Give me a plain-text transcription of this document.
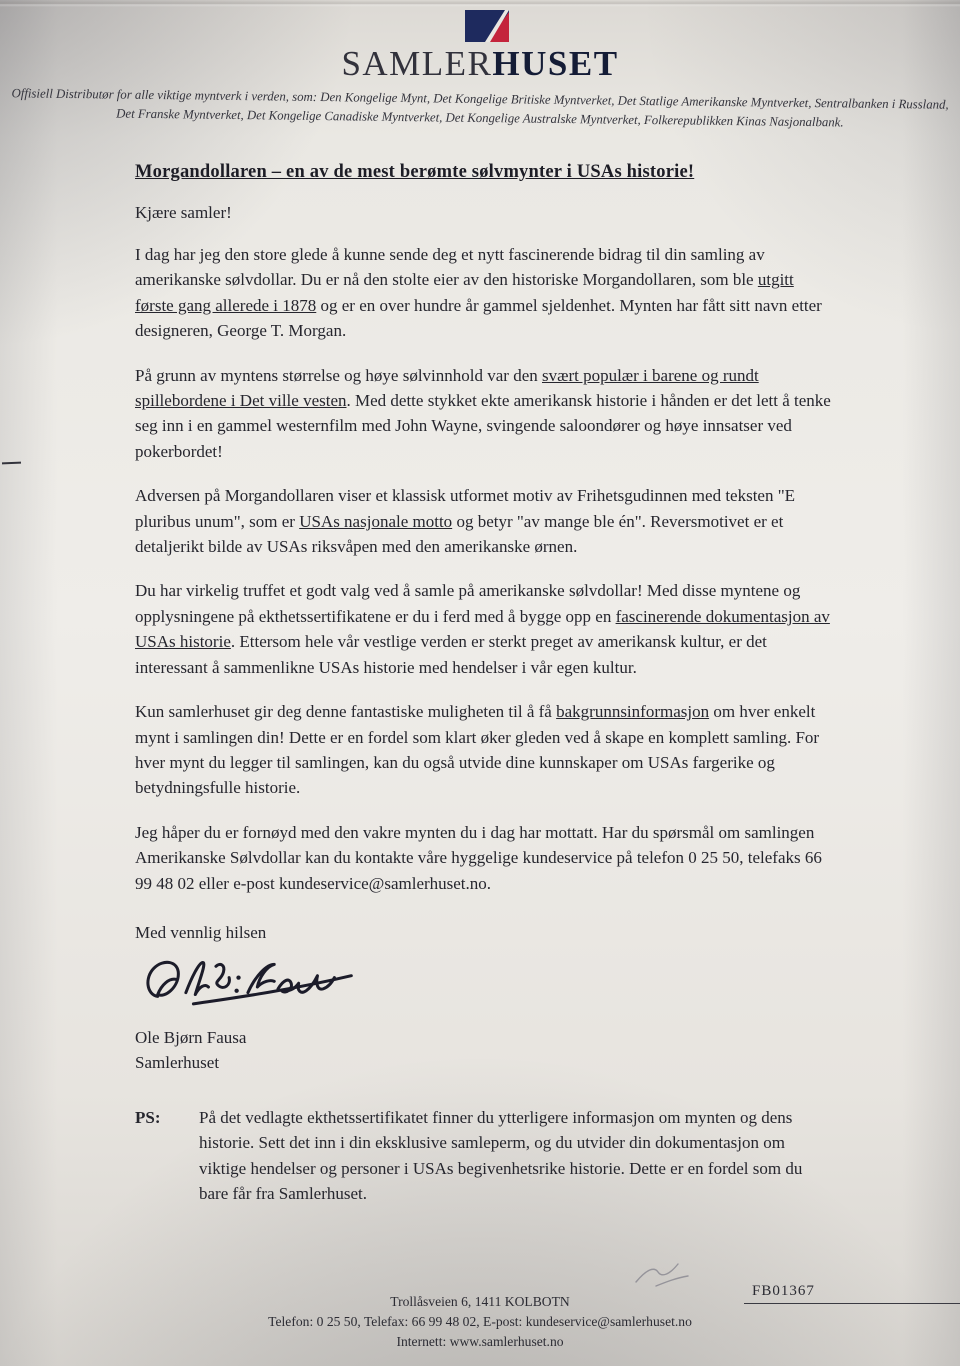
SAMLERHUSET
Offisiell Distributør for alle viktige myntverk i verden, som: Den Kongelige Mynt, Det Kongelige Britiske Myntverket, Det Statlige Amerikanske Myntverket, Sentralbanken i Russland,
Det Franske Myntverket, Det Kongelige Canadiske Myntverket, Det Kongelige Australske Myntverket, Folkerepublikken Kinas Nasjonalbank.
Morgandollaren – en av de mest berømte sølvmynter i USAs historie!

Kjære samler!

I dag har jeg den store glede å kunne sende deg et nytt fascinerende bidrag til din samling av amerikanske sølvdollar. Du er nå den stolte eier av den historiske Morgandollaren, som ble utgitt første gang allerede i 1878 og er en over hundre år gammel sjeldenhet. Mynten har fått sitt navn etter designeren, George T. Morgan.

På grunn av myntens størrelse og høye sølvinnhold var den svært populær i barene og rundt spillebordene i Det ville vesten. Med dette stykket ekte amerikansk historie i hånden er det lett å tenke seg inn i en gammel westernfilm med John Wayne, svingende saloondører og høye innsatser ved pokerbordet!

Adversen på Morgandollaren viser et klassisk utformet motiv av Frihetsgudinnen med teksten "E pluribus unum", som er USAs nasjonale motto og betyr "av mange ble én". Reversmotivet er et detaljerikt bilde av USAs riksvåpen med den amerikanske ørnen.

Du har virkelig truffet et godt valg ved å samle på amerikanske sølvdollar! Med disse myntene og opplysningene på ekthetssertifikatene er du i ferd med å bygge opp en fascinerende dokumentasjon av USAs historie. Ettersom hele vår vestlige verden er sterkt preget av amerikansk kultur, er det interessant å sammenlikne USAs historie med hendelser i vår egen kultur.

Kun samlerhuset gir deg denne fantastiske muligheten til å få bakgrunnsinformasjon om hver enkelt mynt i samlingen din! Dette er en fordel som klart øker gleden ved å skape en komplett samling. For hver mynt du legger til samlingen, kan du også utvide dine kunnskaper om USAs fargerike og betydningsfulle historie.

Jeg håper du er fornøyd med den vakre mynten du i dag har mottatt. Har du spørsmål om samlingen Amerikanske Sølvdollar kan du kontakte våre hyggelige kundeservice på telefon 0 25 50, telefaks 66 99 48 02 eller e-post kundeservice@samlerhuset.no.

Med vennlig hilsen

Ole Bjørn Fausa

Samlerhuset

PS:	På det vedlagte ekthetssertifikatet finner du ytterligere informasjon om mynten og dens historie. Sett det inn i din eksklusive samleperm, og du utvider din dokumentasjon om viktige hendelser og personer i USAs begivenhetsrike historie. Dette er en fordel som du bare får fra Samlerhuset.
FB01367
Trollåsveien 6, 1411 KOLBOTN
Telefon: 0 25 50, Telefax: 66 99 48 02, E-post: kundeservice@samlerhuset.no
Internett: www.samlerhuset.no
